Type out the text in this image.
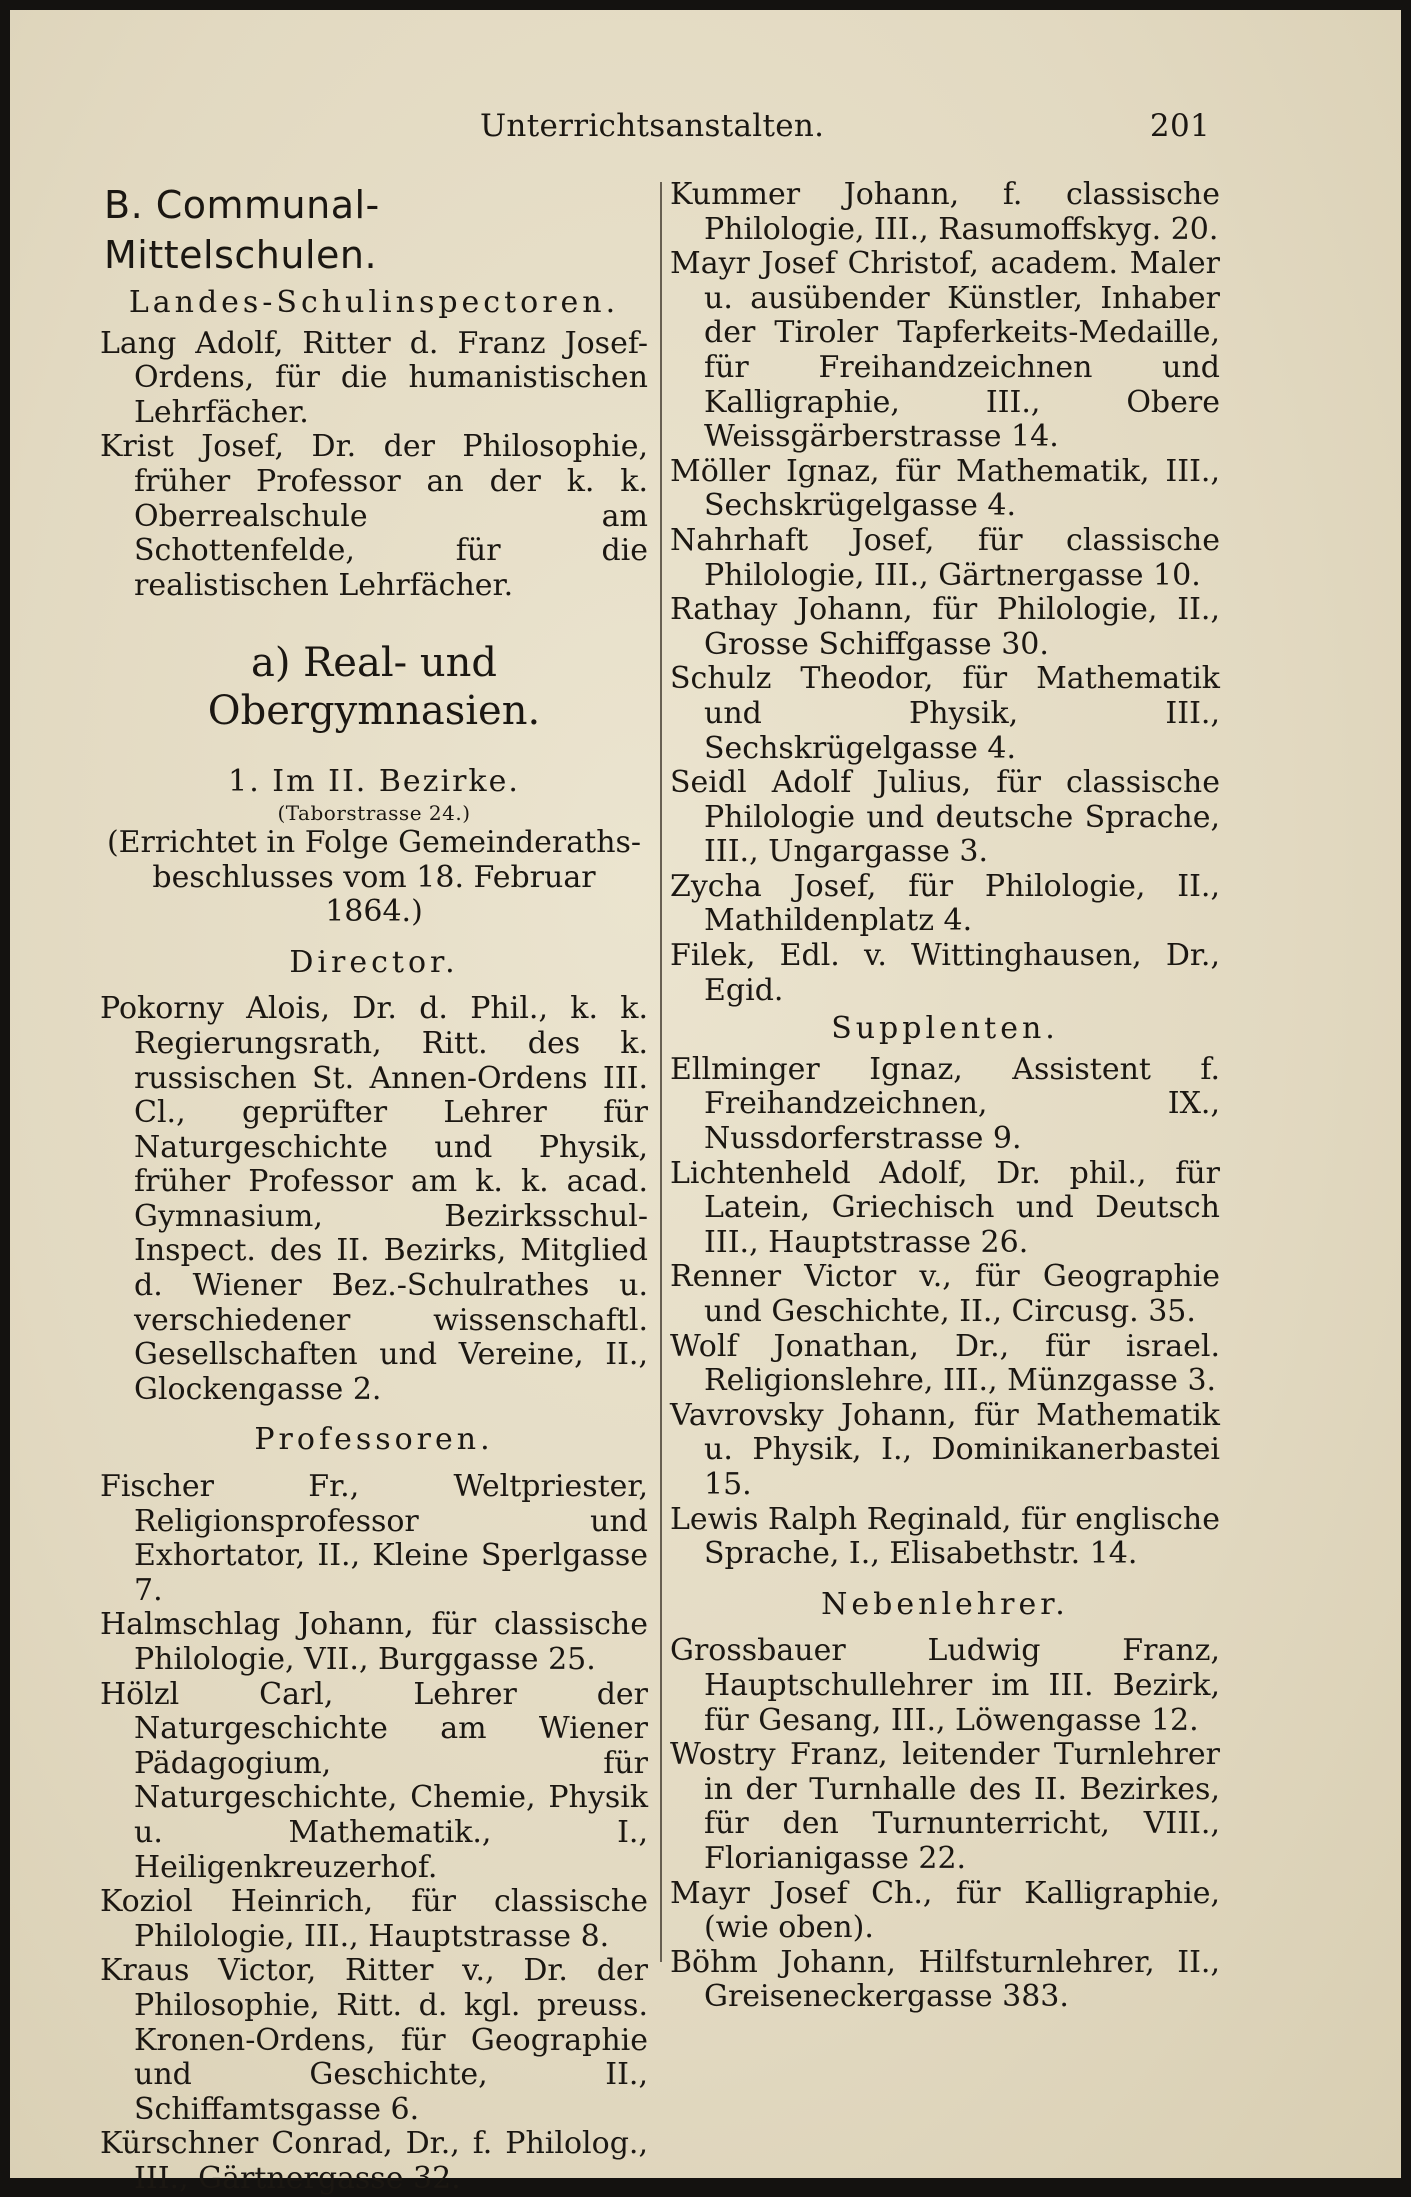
Unterrichtsanstalten.	201
B. Communal-Mittelschulen.
Landes-Schulinspectoren.
Lang Adolf, Ritter d. Franz Josef-Ordens, für die humanistischen Lehrfächer.
Krist Josef, Dr. der Philosophie, früher Professor an der k. k. Oberrealschule am Schottenfelde, für die realistischen Lehrfächer.
a) Real- und Obergymnasien.
1. Im II. Bezirke.
(Taborstrasse 24.)
(Errichtet in Folge Gemeinderaths-beschlusses vom 18. Februar 1864.)
Director.
Pokorny Alois, Dr. d. Phil., k. k. Regierungsrath, Ritt. des k. russischen St. Annen-Ordens III. Cl., geprüfter Lehrer für Naturgeschichte und Physik, früher Professor am k. k. acad. Gymnasium, Bezirksschul-Inspect. des II. Bezirks, Mitglied d. Wiener Bez.-Schulrathes u. verschiedener wissenschaftl. Gesellschaften und Vereine, II., Glockengasse 2.
Professoren.
Fischer Fr., Weltpriester, Religionsprofessor und Exhortator, II., Kleine Sperlgasse 7.
Halmschlag Johann, für classische Philologie, VII., Burggasse 25.
Hölzl Carl, Lehrer der Naturgeschichte am Wiener Pädagogium, für Naturgeschichte, Chemie, Physik u. Mathematik., I., Heiligenkreuzerhof.
Koziol Heinrich, für classische Philologie, III., Hauptstrasse 8.
Kraus Victor, Ritter v., Dr. der Philosophie, Ritt. d. kgl. preuss. Kronen-Ordens, für Geographie und Geschichte, II., Schiffamtsgasse 6.
Kürschner Conrad, Dr., f. Philolog., III., Gärtnergasse 32.
Kummer Johann, f. classische Philologie, III., Rasumoffskyg. 20.
Mayr Josef Christof, academ. Maler u. ausübender Künstler, Inhaber der Tiroler Tapferkeits-Medaille, für Freihandzeichnen und Kalligraphie, III., Obere Weissgärberstrasse 14.
Möller Ignaz, für Mathematik, III., Sechskrügelgasse 4.
Nahrhaft Josef, für classische Philologie, III., Gärtnergasse 10.
Rathay Johann, für Philologie, II., Grosse Schiffgasse 30.
Schulz Theodor, für Mathematik und Physik, III., Sechskrügelgasse 4.
Seidl Adolf Julius, für classische Philologie und deutsche Sprache, III., Ungargasse 3.
Zycha Josef, für Philologie, II., Mathildenplatz 4.
Filek, Edl. v. Wittinghausen, Dr., Egid.
Supplenten.
Ellminger Ignaz, Assistent f. Freihandzeichnen, IX., Nussdorferstrasse 9.
Lichtenheld Adolf, Dr. phil., für Latein, Griechisch und Deutsch III., Hauptstrasse 26.
Renner Victor v., für Geographie und Geschichte, II., Circusg. 35.
Wolf Jonathan, Dr., für israel. Religionslehre, III., Münzgasse 3.
Vavrovsky Johann, für Mathematik u. Physik, I., Dominikanerbastei 15.
Lewis Ralph Reginald, für englische Sprache, I., Elisabethstr. 14.
Nebenlehrer.
Grossbauer Ludwig Franz, Hauptschullehrer im III. Bezirk, für Gesang, III., Löwengasse 12.
Wostry Franz, leitender Turnlehrer in der Turnhalle des II. Bezirkes, für den Turnunterricht, VIII., Florianigasse 22.
Mayr Josef Ch., für Kalligraphie, (wie oben).
Böhm Johann, Hilfsturnlehrer, II., Greiseneckergasse 383.
